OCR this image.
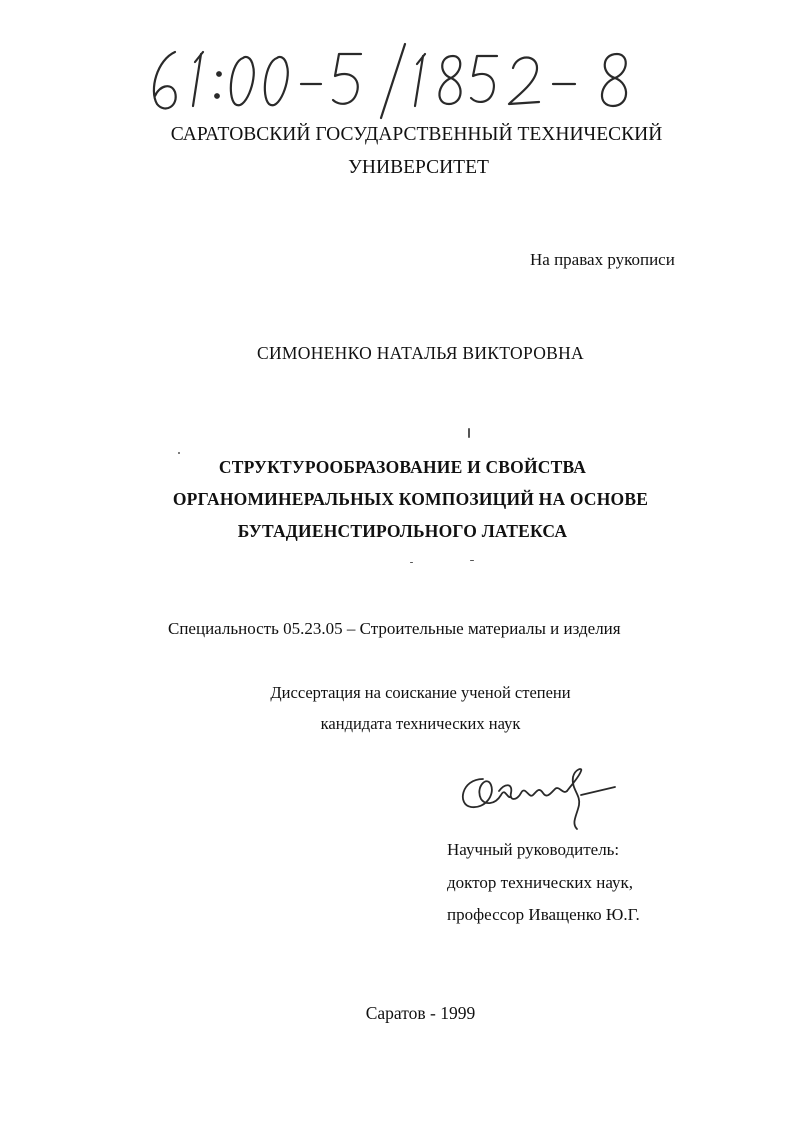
САРАТОВСКИЙ ГОСУДАРСТВЕННЫЙ ТЕХНИЧЕСКИЙ
УНИВЕРСИТЕТ
На правах рукописи
СИМОНЕНКО НАТАЛЬЯ ВИКТОРОВНА
СТРУКТУРООБРАЗОВАНИЕ И СВОЙСТВА
ОРГАНОМИНЕРАЛЬНЫХ КОМПОЗИЦИЙ НА ОСНОВЕ
БУТАДИЕНСТИРОЛЬНОГО ЛАТЕКСА
Специальность 05.23.05 – Строительные материалы и изделия
Диссертация на соискание ученой степени
кандидата технических наук
Научный руководитель:
доктор технических наук,
профессор Иващенко Ю.Г.
Саратов - 1999
